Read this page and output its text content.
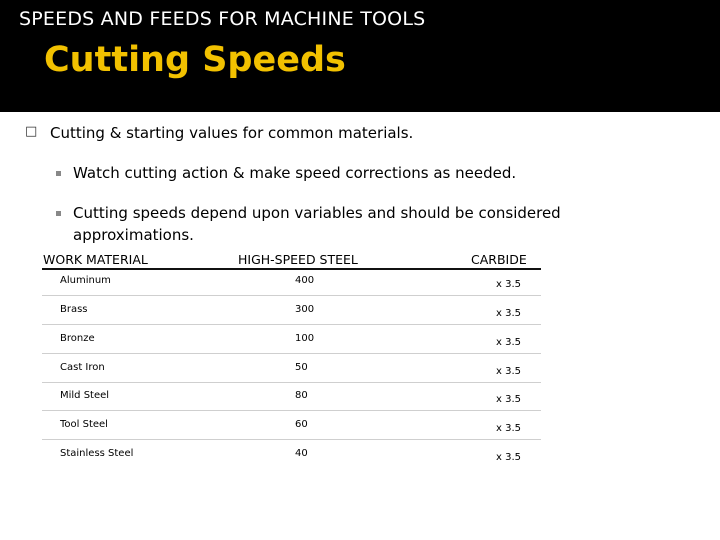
SPEEDS AND FEEDS FOR MACHINE TOOLS
Cutting Speeds
□ Cutting & starting values for common materials.
Watch cutting action & make speed corrections as needed.
Cutting speeds depend upon variables and should be considered approximations.
WORK MATERIAL	HIGH-SPEED STEEL	CARBIDE
Aluminum	400	x 3.5
Brass	300	x 3.5
Bronze	100	x 3.5
Cast Iron	50	x 3.5
Mild Steel	80	x 3.5
Tool Steel	60	x 3.5
Stainless Steel	40	x 3.5
